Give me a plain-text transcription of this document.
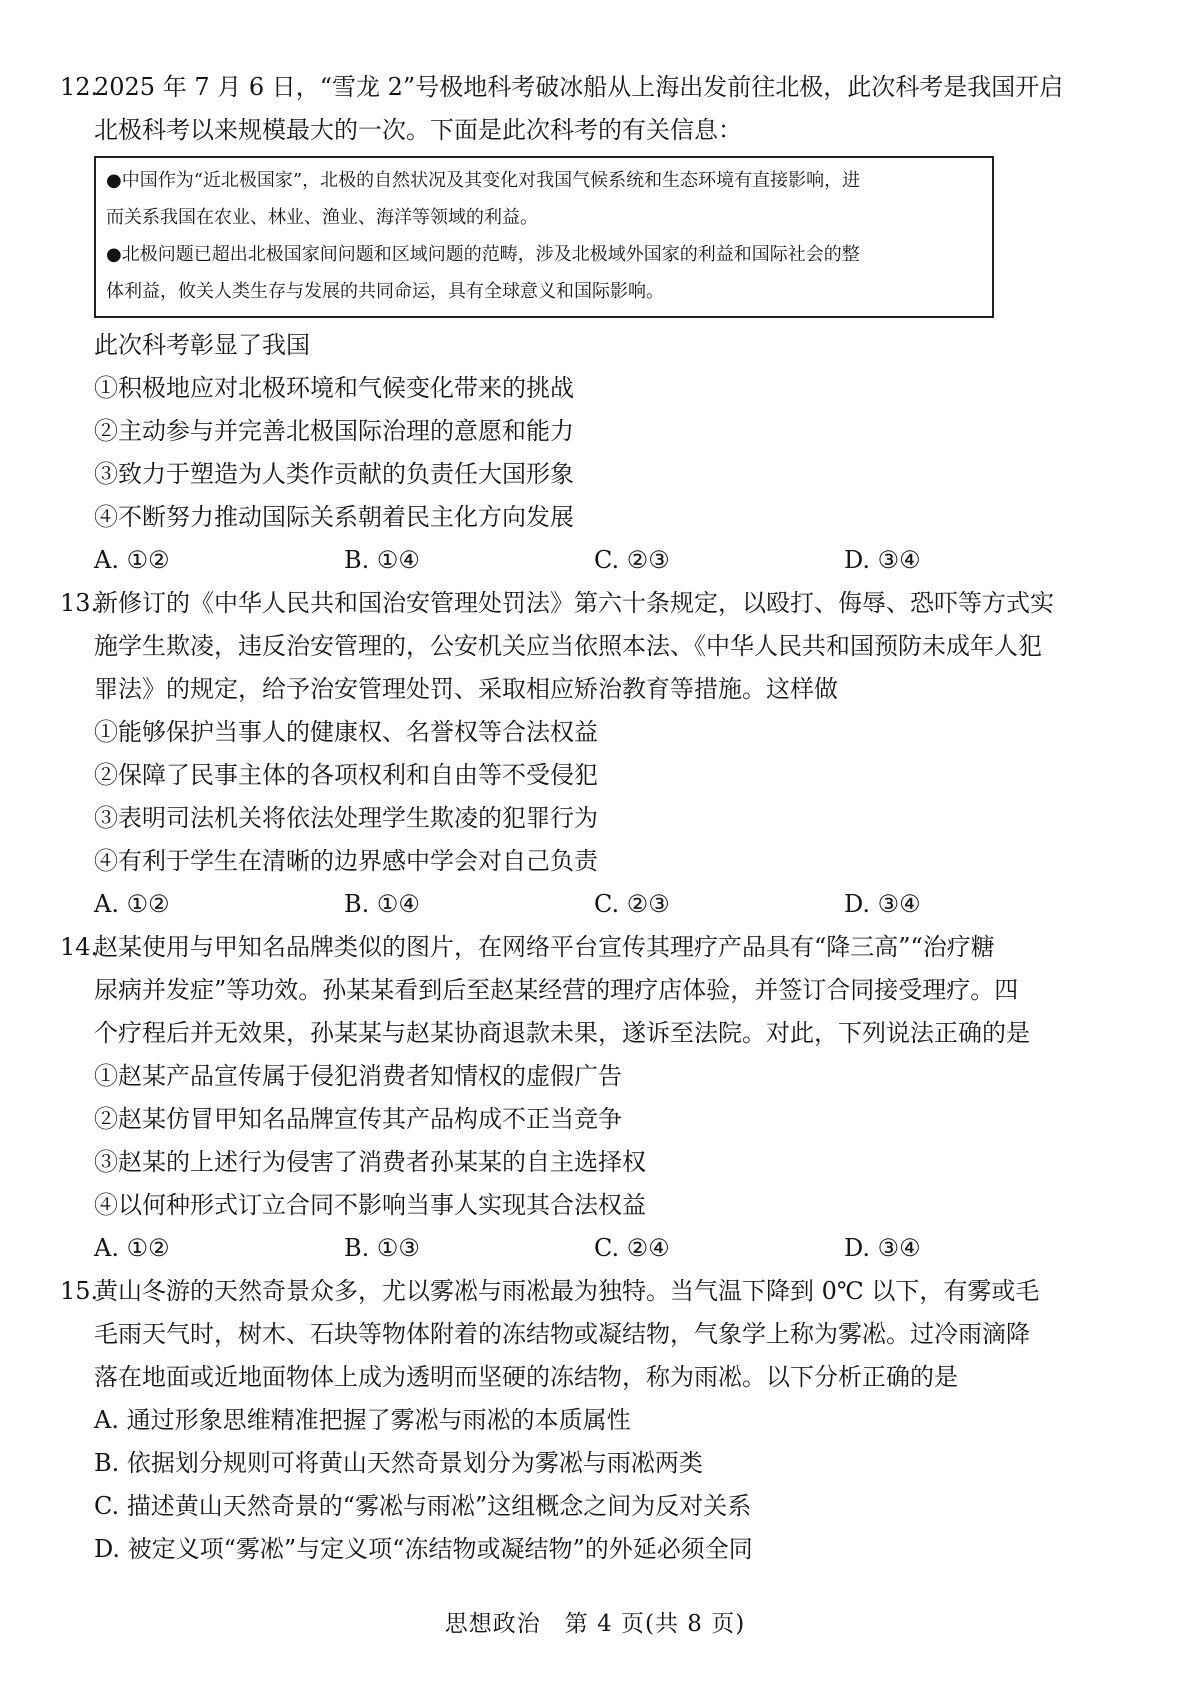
12.2025 年 7 月 6 日，“雪龙 2”号极地科考破冰船从上海出发前往北极，此次科考是我国开启
北极科考以来规模最大的一次。下面是此次科考的有关信息：

●中国作为“近北极国家”，北极的自然状况及其变化对我国气候系统和生态环境有直接影响，进

而关系我国在农业、林业、渔业、海洋等领域的利益。

●北极问题已超出北极国家间问题和区域问题的范畴，涉及北极域外国家的利益和国际社会的整

体利益，攸关人类生存与发展的共同命运，具有全球意义和国际影响。

此次科考彰显了我国

①积极地应对北极环境和气候变化带来的挑战

②主动参与并完善北极国际治理的意愿和能力

③致力于塑造为人类作贡献的负责任大国形象

④不断努力推动国际关系朝着民主化方向发展

A. ①②	B. ①④	C. ②③	D. ③④

13.新修订的《中华人民共和国治安管理处罚法》第六十条规定，以殴打、侮辱、恐吓等方式实
施学生欺凌，违反治安管理的，公安机关应当依照本法、《中华人民共和国预防未成年人犯
罪法》的规定，给予治安管理处罚、采取相应矫治教育等措施。这样做

①能够保护当事人的健康权、名誉权等合法权益

②保障了民事主体的各项权利和自由等不受侵犯

③表明司法机关将依法处理学生欺凌的犯罪行为

④有利于学生在清晰的边界感中学会对自己负责

A. ①②	B. ①④	C. ②③	D. ③④

14.赵某使用与甲知名品牌类似的图片，在网络平台宣传其理疗产品具有“降三高”“治疗糖
尿病并发症”等功效。孙某某看到后至赵某经营的理疗店体验，并签订合同接受理疗。四
个疗程后并无效果，孙某某与赵某协商退款未果，遂诉至法院。对此，下列说法正确的是

①赵某产品宣传属于侵犯消费者知情权的虚假广告

②赵某仿冒甲知名品牌宣传其产品构成不正当竞争

③赵某的上述行为侵害了消费者孙某某的自主选择权

④以何种形式订立合同不影响当事人实现其合法权益

A. ①②	B. ①③	C. ②④	D. ③④

15.黄山冬游的天然奇景众多，尤以雾凇与雨凇最为独特。当气温下降到 0℃ 以下，有雾或毛
毛雨天气时，树木、石块等物体附着的冻结物或凝结物，气象学上称为雾凇。过冷雨滴降
落在地面或近地面物体上成为透明而坚硬的冻结物，称为雨凇。以下分析正确的是

A. 通过形象思维精准把握了雾凇与雨凇的本质属性

B. 依据划分规则可将黄山天然奇景划分为雾凇与雨凇两类

C. 描述黄山天然奇景的“雾凇与雨凇”这组概念之间为反对关系

D. 被定义项“雾凇”与定义项“冻结物或凝结物”的外延必须全同

思想政治　第 4 页(共 8 页)
